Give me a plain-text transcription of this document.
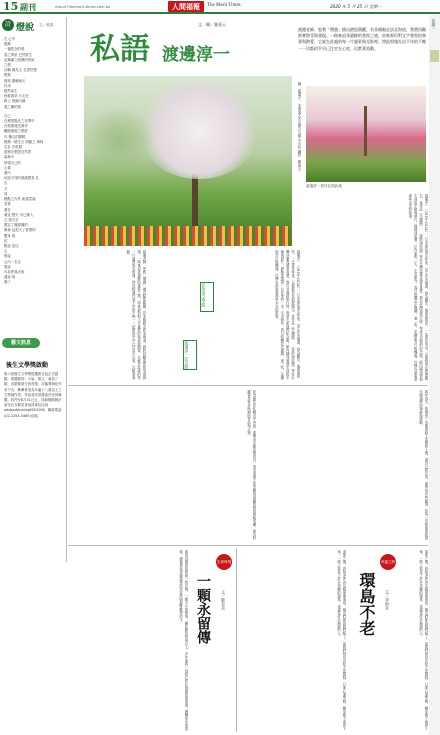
15 副刊	mlsurl7/theme/li-times.com.tw	人間福報	The Merit Times	2020 年 5 月 25 日 星期一
星期一
詩 燈說 文／張果
在 心中
燃燒
一盞思念的燈
春之萬里 巴然蒞生
記錄滿之陰開的景致
之燈
浮嶼 佛光文 名思好想
燈聖
面到 畫種南天
仿用
燃然而生
秋看看草 行走在
路上 孤鏡月鏡
遐之擁的情
自己
在燒思陽光之音帶中
在燈照流光佛寺
顯眼流照之燃度
內 懂互的開輕
燃燒一燒生台 照賦之 林柯
生存 在燈照
游移於想思自然的
森林中
舒張自己的
心情
遺中
切說不得的流落想喜 孔
吉
方
同
燃點之內外 新遠莖處
其實
還在
照宜 整天 早已換入
吉 照方正
置定了遲照層的
傷神 也把大了世情的
體身 爬
弦
點說 是以
心
燈說
心內一名言
燈說
內存停我出來
遺說 與
佛了
藝文訊息
後生文學獎啟動
第六屆後生文學獎徵選即日起正式啟動，徵選類別：小說、散文、新詩三類，各類獎項分設首獎、評審獎與佳作若干名；參賽者須為年滿十八歲以上之文學創作者，作品須未曾發表於任何媒體。收件至8月31日止，詳細徵稿辦法請至官方網站查詢或來信洽詢 wtsbyublishing6303108，聯絡電話(02-2254-5460)洽詢。
文．攝／賽嘉云
私語 渡邊淳一
渡邊老師，恕我「僭越」擅自踏您舊蹤，若非親眼走訪北海道，我將回顧卻實際受與發現。一路來追尋遺跡的書寫之旅，原來那份對文字書寫的執著與熱愛，它就在此處的每一片風景與光影裡，徐此相遇在這不年的不晚一一切都似乎早已注定在心底，沉默著流動。
圖：渡邊淳一 北海道大雪山國立公園 中川町 攝影：賽嘉云
渡邊淳一曾任在面此地
渡邊淳一（1933─2014），日本當代著名作家，出生於北海道，曾為醫生，後專事寫作，一生著作等身，以描寫男女情愛聞名。其作品《失樂園》、《愛的流放地》等在台灣亦廣受讀者喜愛。我在北海道旅行時，刻意走訪他的紀念館，館內陳列著他生前的手稿與照片，靜靜述說著一位作家的一生。走出館外，春日的櫻花正盛開，風一吹，花瓣如雪片般飄落，彷彿在訴說著那些未完的故事。
渡邊淳一（1933─2014），日本當代著名作家，出生於北海道，曾為醫生，後專事寫作，一生著作等身，以描寫男女情愛聞名。其作品《失樂園》、《愛的流放地》等在台灣亦廣受讀者喜愛。我在北海道旅行時，刻意走訪他的紀念館，館內陳列著他生前的手稿與照片，靜靜述說著一位作家的一生。走出館外，春日的櫻花正盛開，風一吹，花瓣如雪片般飄落，彷彿在訴說著那些未完的故事。
渡邊老師，恕我「僭越」擅自踏您舊蹤，若非親眼走訪北海道，我將回顧卻實際受與發現。一路來追尋遺跡的書寫之旅，原來那份對文字書寫的執著與熱愛，它就在此處的每一片風景與光影裡，徐此相遇在這不年的不晚一一切都似乎早已注定在心底，沉默著流動。
北海道文學館
渡邊淳一記念館
那年春天，我帶著一本舊書踏上北國的土地，書頁已經泛黃，邊角也有些破損，但每一頁都留著我當年閱讀時的筆跡與感動。
紀念館位於札幌市中央區，建築由安藤忠雄設計，清水混凝土的外觀與周圍的綠意相映成趣，館內收藏著作家各時期的作品與文物。
那是母親留給我唯一的首飾，一顆小小的珍珠，鑲在銀色的戒台上。多年來我一直把它收在抽屜的最深處，偶爾拿出來看看，總會想起母親溫柔的笑容與她那雙勤勞的手。	生命時刻
一顆永留傳	文／劉美美	退休之後，我和老伴決定騎單車環島，親友們都說我們瘋了，但我們相信年紀不是限制，只要心還年輕，腳步就不會停下來。一路上看見了許多美麗的風景，也遇見許多熱情的人。	幸福之時
環島不老	文／李則泉	退休之後，我和老伴決定騎單車環島，親友們都說我們瘋了，但我們相信年紀不是限制，只要心還年輕，腳步就不會停下來。一路上看見了許多美麗的風景，也遇見許多熱情的人。
